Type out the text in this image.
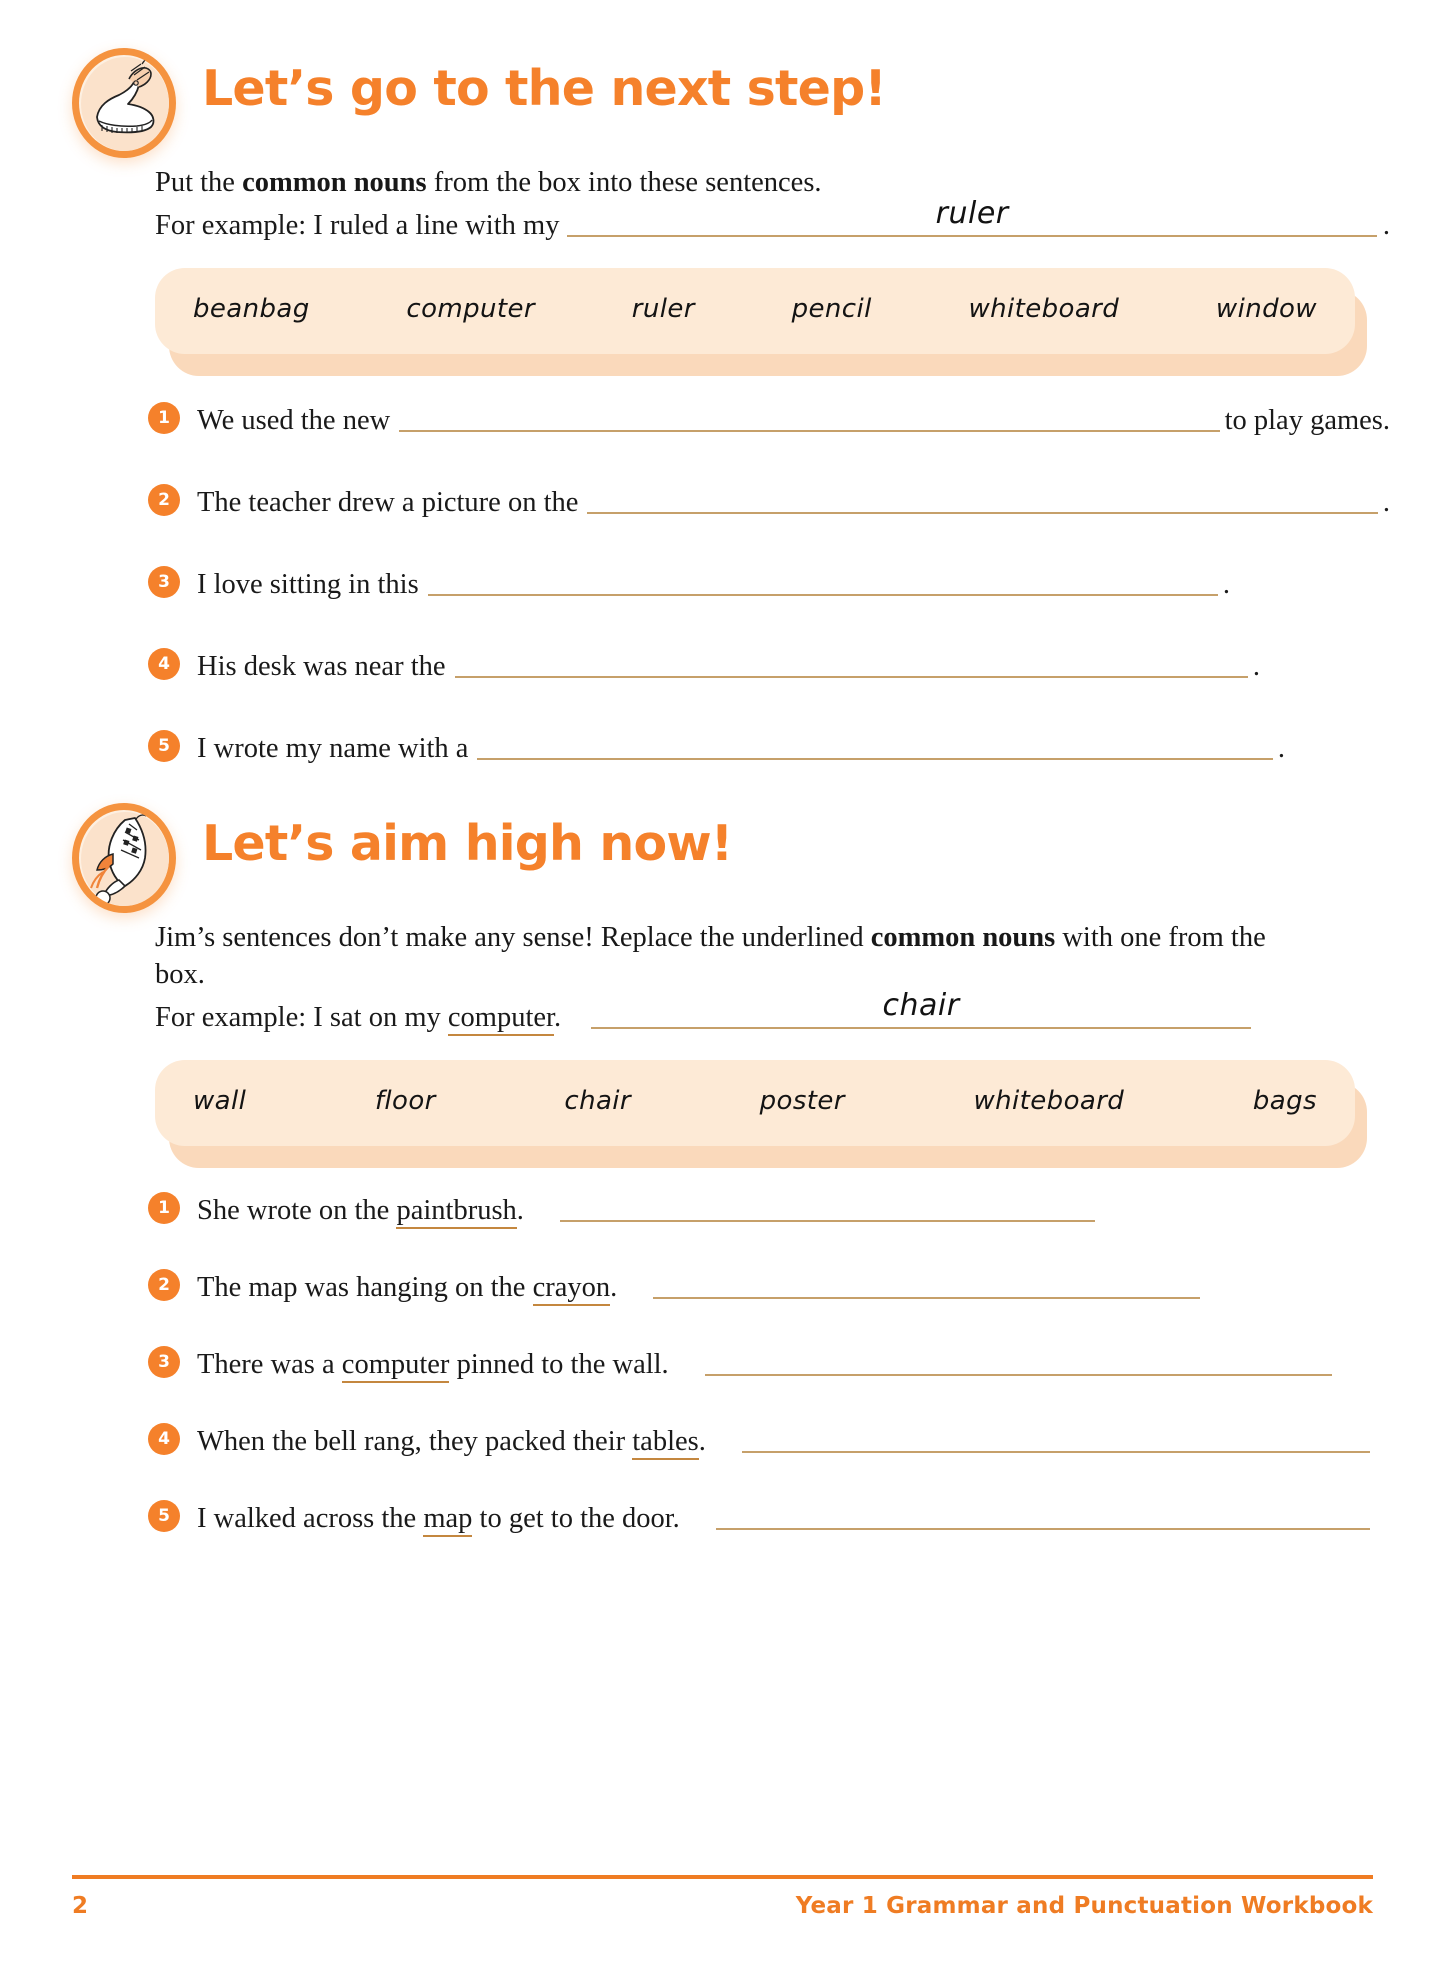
Let’s go to the next step!
Put the common nouns from the box into these sentences.
For example: I ruled a line with my	ruler	.
beanbag	computer	ruler	pencil	whiteboard	window
1 We used the new	to play games.
2 The teacher drew a picture on the	.
3 I love sitting in this	.
4 His desk was near the	.
5 I wrote my name with a	.
Let’s aim high now!
Jim’s sentences don’t make any sense! Replace the underlined common nouns with one from the box.
For example: I sat on my computer.	chair
wall	floor	chair	poster	whiteboard	bags
1 She wrote on the paintbrush.
2 The map was hanging on the crayon.
3 There was a computer pinned to the wall.
4 When the bell rang, they packed their tables.
5 I walked across the map to get to the door.
2	Year 1 Grammar and Punctuation Workbook
